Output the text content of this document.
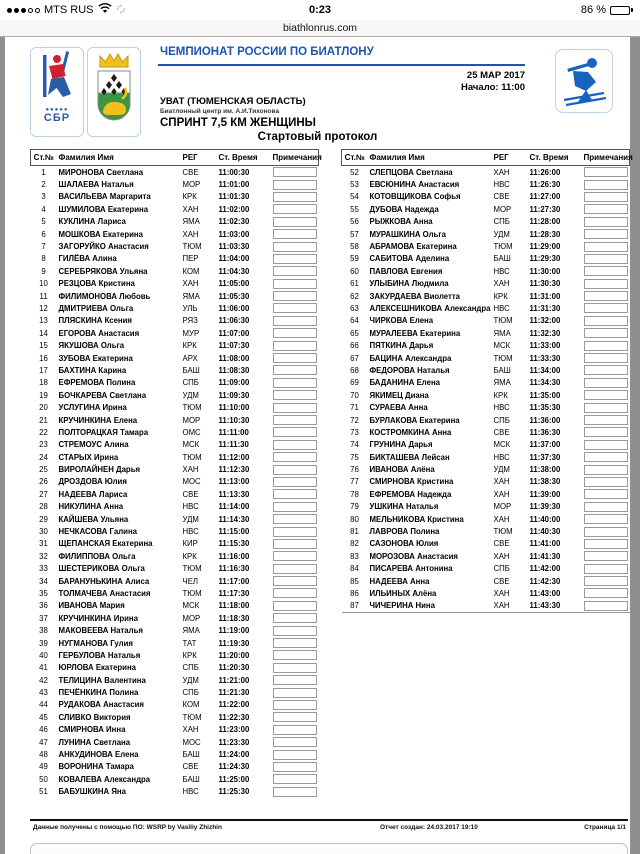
MTS RUS	0:23	86 %
biathlonrus.com
●●●●●
СБР
ЧЕМПИОНАТ РОССИИ ПО БИАТЛОНУ
25 МАР 2017
Начало: 11:00
УВАТ (ТЮМЕНСКАЯ ОБЛАСТЬ)
Биатлонный центр им. А.И.Тихонова
СПРИНТ 7,5 КМ ЖЕНЩИНЫ
Стартовый протокол
Ст.№	Фамилия Имя	РЕГ	Ст. Время	Примечания
1	МИРОНОВА Светлана	СВЕ	11:00:30	

2	ШАЛАЕВА Наталья	МОР	11:01:00	

3	ВАСИЛЬЕВА Маргарита	КРК	11:01:30	

4	ШУМИЛОВА Екатерина	ХАН	11:02:00	

5	КУКЛИНА Лариса	ЯМА	11:02:30	

6	МОШКОВА Екатерина	ХАН	11:03:00	

7	ЗАГОРУЙКО Анастасия	ТЮМ	11:03:30	

8	ГИЛЁВА Алина	ПЕР	11:04:00	

9	СЕРЕБРЯКОВА Ульяна	КОМ	11:04:30	

10	РЕЗЦОВА Кристина	ХАН	11:05:00	

11	ФИЛИМОНОВА Любовь	ЯМА	11:05:30	

12	ДМИТРИЕВА Ольга	УЛЬ	11:06:00	

13	ПЛЯСКИНА Ксения	РЯЗ	11:06:30	

14	ЕГОРОВА Анастасия	МУР	11:07:00	

15	ЯКУШОВА Ольга	КРК	11:07:30	

16	ЗУБОВА Екатерина	АРХ	11:08:00	

17	БАХТИНА Карина	БАШ	11:08:30	

18	ЕФРЕМОВА Полина	СПБ	11:09:00	

19	БОЧКАРЕВА Светлана	УДМ	11:09:30	

20	УСЛУГИНА Ирина	ТЮМ	11:10:00	

21	КРУЧИНКИНА Елена	МОР	11:10:30	

22	ПОЛТОРАЦКАЯ Тамара	ОМС	11:11:00	

23	СТРЕМОУС Алина	МСК	11:11:30	

24	СТАРЫХ Ирина	ТЮМ	11:12:00	

25	ВИРОЛАЙНЕН Дарья	ХАН	11:12:30	

26	ДРОЗДОВА Юлия	МОС	11:13:00	

27	НАДЕЕВА Лариса	СВЕ	11:13:30	

28	НИКУЛИНА Анна	НВС	11:14:00	

29	КАЙШЕВА Ульяна	УДМ	11:14:30	

30	НЕЧКАСОВА Галина	НВС	11:15:00	

31	ЩЕПАНСКАЯ Екатерина	КИР	11:15:30	

32	ФИЛИППОВА Ольга	КРК	11:16:00	

33	ШЕСТЕРИКОВА Ольга	ТЮМ	11:16:30	

34	БАРАНУНЬКИНА Алиса	ЧЕЛ	11:17:00	

35	ТОЛМАЧЕВА Анастасия	ТЮМ	11:17:30	

36	ИВАНОВА Мария	МСК	11:18:00	

37	КРУЧИНКИНА Ирина	МОР	11:18:30	

38	МАКОВЕЕВА Наталья	ЯМА	11:19:00	

39	НУГМАНОВА Гулия	ТАТ	11:19:30	

40	ГЕРБУЛОВА Наталья	КРК	11:20:00	

41	ЮРЛОВА Екатерина	СПБ	11:20:30	

42	ТЕЛИЦИНА Валентина	УДМ	11:21:00	

43	ПЕЧЁНКИНА Полина	СПБ	11:21:30	

44	РУДАКОВА Анастасия	КОМ	11:22:00	

45	СЛИВКО Виктория	ТЮМ	11:22:30	

46	СМИРНОВА Инна	ХАН	11:23:00	

47	ЛУНИНА Светлана	МОС	11:23:30	

48	АНКУДИНОВА Елена	БАШ	11:24:00	

49	ВОРОНИНА Тамара	СВЕ	11:24:30	

50	КОВАЛЕВА Александра	БАШ	11:25:00	

51	БАБУШКИНА Яна	НВС	11:25:30	
Ст.№	Фамилия Имя	РЕГ	Ст. Время	Примечания
52	СЛЕПЦОВА Светлана	ХАН	11:26:00	

53	ЕВСЮНИНА Анастасия	НВС	11:26:30	

54	КОТОВЩИКОВА Софья	СВЕ	11:27:00	

55	ДУБОВА Надежда	МОР	11:27:30	

56	РЫЖКОВА Анна	СПБ	11:28:00	

57	МУРАШКИНА Ольга	УДМ	11:28:30	

58	АБРАМОВА Екатерина	ТЮМ	11:29:00	

59	САБИТОВА Аделина	БАШ	11:29:30	

60	ПАВЛОВА Евгения	НВС	11:30:00	

61	УЛЫБИНА Людмила	ХАН	11:30:30	

62	ЗАКУРДАЕВА Виолетта	КРК	11:31:00	

63	АЛЕКСЕШНИКОВА Александра	НВС	11:31:30	

64	ЧИРКОВА Елена	ТЮМ	11:32:00	

65	МУРАЛЕЕВА Екатерина	ЯМА	11:32:30	

66	ПЯТКИНА Дарья	МСК	11:33:00	

67	БАЦИНА Александра	ТЮМ	11:33:30	

68	ФЕДОРОВА Наталья	БАШ	11:34:00	

69	БАДАНИНА Елена	ЯМА	11:34:30	

70	ЯКИМЕЦ Диана	КРК	11:35:00	

71	СУРАЕВА Анна	НВС	11:35:30	

72	БУРЛАКОВА Екатерина	СПБ	11:36:00	

73	КОСТРОМКИНА Анна	СВЕ	11:36:30	

74	ГРУНИНА Дарья	МСК	11:37:00	

75	БИКТАШЕВА Лейсан	НВС	11:37:30	

76	ИВАНОВА Алёна	УДМ	11:38:00	

77	СМИРНОВА Кристина	ХАН	11:38:30	

78	ЕФРЕМОВА Надежда	ХАН	11:39:00	

79	УШКИНА Наталья	МОР	11:39:30	

80	МЕЛЬНИКОВА Кристина	ХАН	11:40:00	

81	ЛАВРОВА Полина	ТЮМ	11:40:30	

82	САЗОНОВА Юлия	СВЕ	11:41:00	

83	МОРОЗОВА Анастасия	ХАН	11:41:30	

84	ПИСАРЕВА Антонина	СПБ	11:42:00	

85	НАДЕЕВА Анна	СВЕ	11:42:30	

86	ИЛЬИНЫХ Алёна	ХАН	11:43:00	

87	ЧИЧЕРИНА Нина	ХАН	11:43:30	
Данные получены с помощью ПО: WSRP by Vasiliy Zhizhin	Отчет создан: 24.03.2017 19:10	Страница 1/1
